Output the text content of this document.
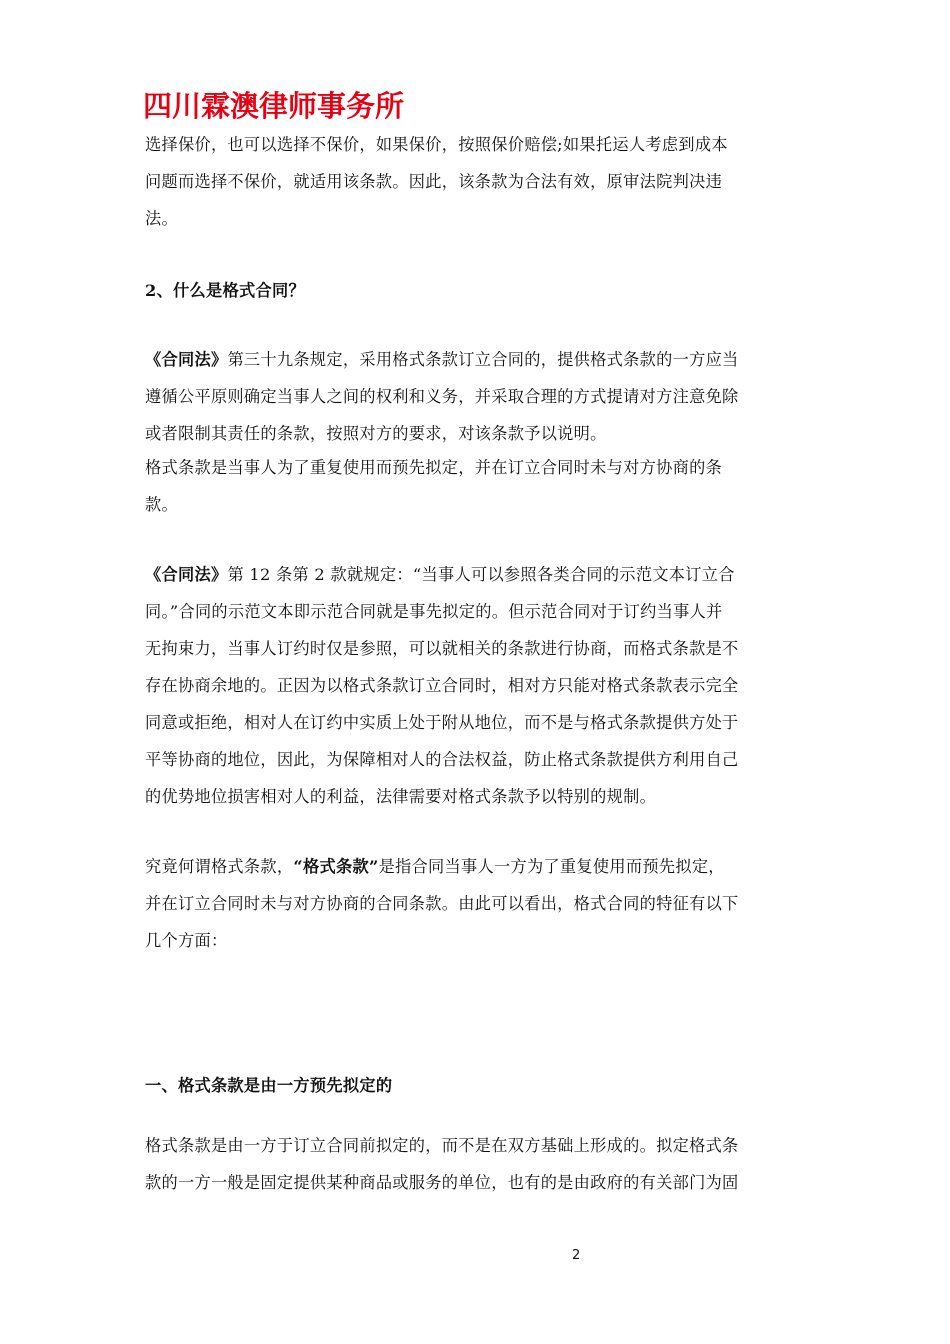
四川霖澳律师事务所
选择保价，也可以选择不保价，如果保价，按照保价赔偿;如果托运人考虑到成本
问题而选择不保价，就适用该条款。因此，该条款为合法有效，原审法院判决违
法。
2、什么是格式合同？
《合同法》第三十九条规定，采用格式条款订立合同的，提供格式条款的一方应当
遵循公平原则确定当事人之间的权利和义务，并采取合理的方式提请对方注意免除
或者限制其责任的条款，按照对方的要求，对该条款予以说明。
格式条款是当事人为了重复使用而预先拟定，并在订立合同时未与对方协商的条
款。
《合同法》第 12 条第 2 款就规定：“当事人可以参照各类合同的示范文本订立合
同。”合同的示范文本即示范合同就是事先拟定的。但示范合同对于订约当事人并
无拘束力，当事人订约时仅是参照，可以就相关的条款进行协商，而格式条款是不
存在协商余地的。正因为以格式条款订立合同时，相对方只能对格式条款表示完全
同意或拒绝，相对人在订约中实质上处于附从地位，而不是与格式条款提供方处于
平等协商的地位，因此，为保障相对人的合法权益，防止格式条款提供方利用自己
的优势地位损害相对人的利益，法律需要对格式条款予以特别的规制。
究竟何谓格式条款，“格式条款”是指合同当事人一方为了重复使用而预先拟定，
并在订立合同时未与对方协商的合同条款。由此可以看出，格式合同的特征有以下
几个方面：
一、格式条款是由一方预先拟定的
格式条款是由一方于订立合同前拟定的，而不是在双方基础上形成的。拟定格式条
款的一方一般是固定提供某种商品或服务的单位，也有的是由政府的有关部门为固
2
